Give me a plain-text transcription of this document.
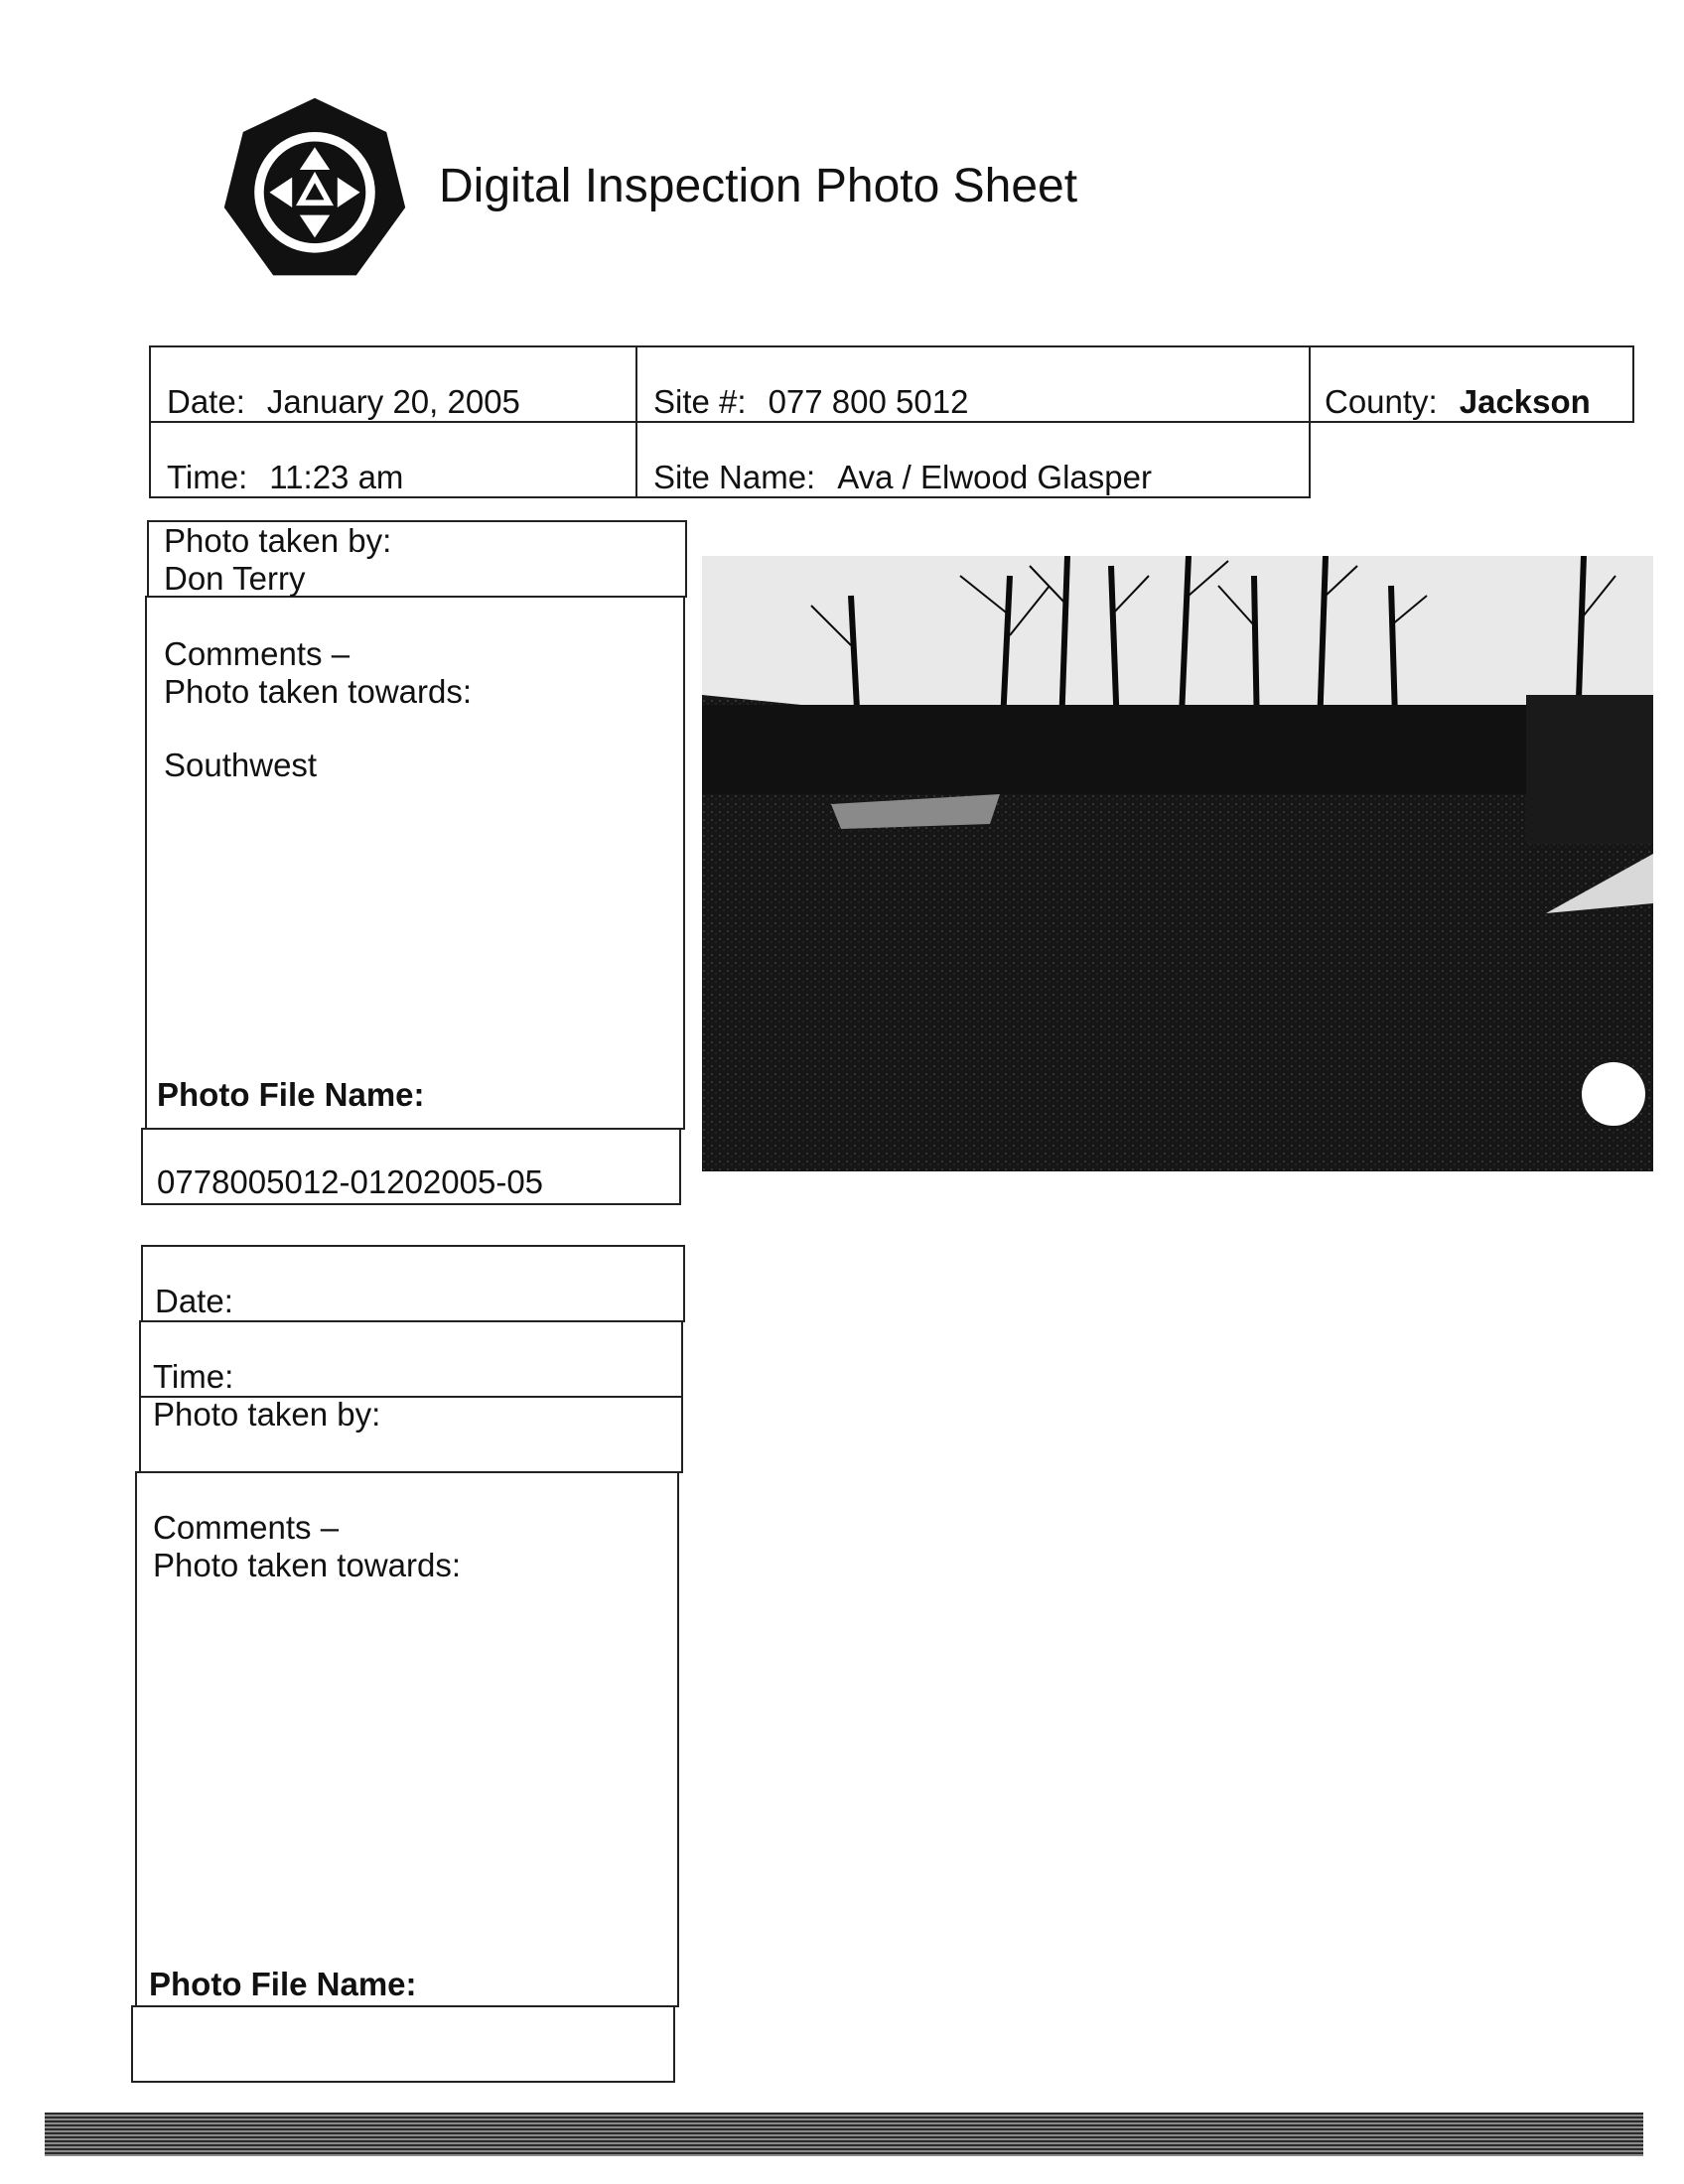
Digital Inspection Photo Sheet
Date: January 20, 2005	Site #: 077 800 5012	County: Jackson
Time: 11:23 am	Site Name: Ava / Elwood Glasper
Photo taken by:
Don Terry
Comments –
Photo taken towards:
Southwest
Photo File Name:
0778005012-01202005-05
Date:
Time:
Photo taken by:
Comments –
Photo taken towards:
Photo File Name:
